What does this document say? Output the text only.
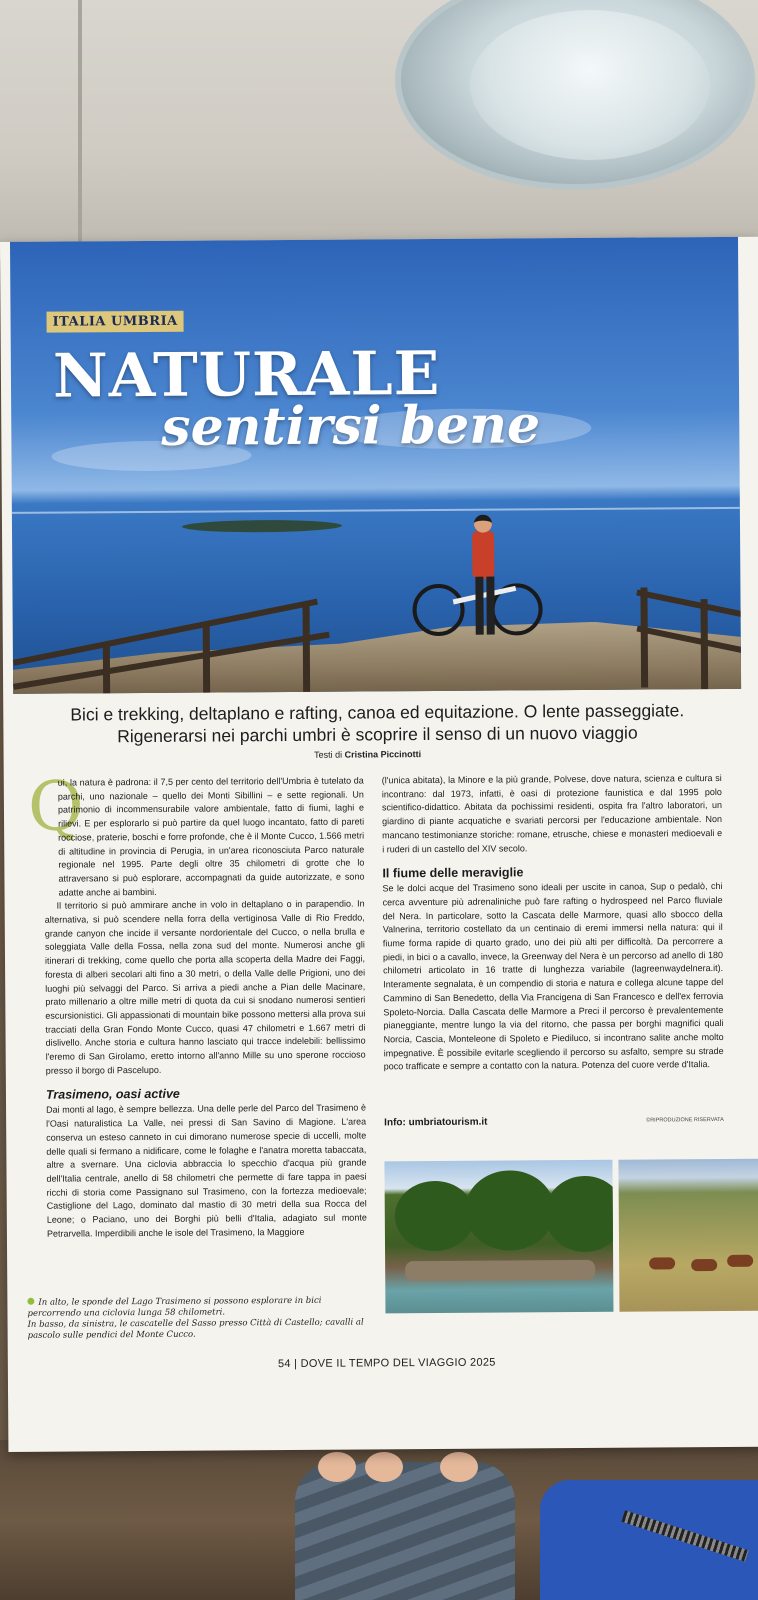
ITALIA UMBRIA
NATURALE
sentirsi bene
Bici e trekking, deltaplano e rafting, canoa ed equitazione. O lente passeggiate.
Rigenerarsi nei parchi umbri è scoprire il senso di un nuovo viaggio
Testi di Cristina Piccinotti
Q

ui, la natura è padrona: il 7,5 per cento del territorio dell'Umbria è tutelato da parchi, uno nazionale – quello dei Monti Sibillini – e sette regionali. Un patrimonio di incommensurabile valore ambientale, fatto di fiumi, laghi e rilievi. E per esplorarlo si può partire da quel luogo incantato, fatto di pareti rocciose, praterie, boschi e forre profonde, che è il Monte Cucco, 1.566 metri di altitudine in provincia di Perugia, in un'area riconosciuta Parco naturale regionale nel 1995. Parte degli oltre 35 chilometri di grotte che lo attraversano si può esplorare, accompagnati da guide autorizzate, e sono adatte anche ai bambini.

Il territorio si può ammirare anche in volo in deltaplano o in parapendio. In alternativa, si può scendere nella forra della vertiginosa Valle di Rio Freddo, grande canyon che incide il versante nordorientale del Cucco, o nella brulla e soleggiata Valle della Fossa, nella zona sud del monte. Numerosi anche gli itinerari di trekking, come quello che porta alla scoperta della Madre dei Faggi, foresta di alberi secolari alti fino a 30 metri, o della Valle delle Prigioni, uno dei luoghi più selvaggi del Parco. Si arriva a piedi anche a Pian delle Macinare, prato millenario a oltre mille metri di quota da cui si snodano numerosi sentieri escursionistici. Gli appassionati di mountain bike possono mettersi alla prova sui tracciati della Gran Fondo Monte Cucco, quasi 47 chilometri e 1.667 metri di dislivello. Anche storia e cultura hanno lasciato qui tracce indelebili: bellissimo l'eremo di San Girolamo, eretto intorno all'anno Mille su uno sperone roccioso presso il borgo di Pascelupo.

Trasimeno, oasi active

Dai monti al lago, è sempre bellezza. Una delle perle del Parco del Trasimeno è l'Oasi naturalistica La Valle, nei pressi di San Savino di Magione. L'area conserva un esteso canneto in cui dimorano numerose specie di uccelli, molte delle quali si fermano a nidificare, come le folaghe e l'anatra moretta tabaccata, altre a svernare. Una ciclovia abbraccia lo specchio d'acqua più grande dell'Italia centrale, anello di 58 chilometri che permette di fare tappa in paesi ricchi di storia come Passignano sul Trasimeno, con la fortezza medioevale; Castiglione del Lago, dominato dal mastio di 30 metri della sua Rocca del Leone; o Paciano, uno dei Borghi più belli d'Italia, adagiato sul monte Petrarvella. Imperdibili anche le isole del Trasimeno, la Maggiore

(l'unica abitata), la Minore e la più grande, Polvese, dove natura, scienza e cultura si incontrano: dal 1973, infatti, è oasi di protezione faunistica e dal 1995 polo scientifico-didattico. Abitata da pochissimi residenti, ospita fra l'altro laboratori, un giardino di piante acquatiche e svariati percorsi per l'educazione ambientale. Non mancano testimonianze storiche: romane, etrusche, chiese e monasteri medioevali e i ruderi di un castello del XIV secolo.

Il fiume delle meraviglie

Se le dolci acque del Trasimeno sono ideali per uscite in canoa, Sup o pedalò, chi cerca avventure più adrenaliniche può fare rafting o hydrospeed nel Parco fluviale del Nera. In particolare, sotto la Cascata delle Marmore, quasi allo sbocco della Valnerina, territorio costellato da un centinaio di eremi immersi nella natura: qui il fiume forma rapide di quarto grado, uno dei più alti per difficoltà. Da percorrere a piedi, in bici o a cavallo, invece, la Greenway del Nera è un percorso ad anello di 180 chilometri articolato in 16 tratte di lunghezza variabile (lagreenwaydelnera.it). Interamente segnalata, è un compendio di storia e natura e collega alcune tappe del Cammino di San Benedetto, della Via Francigena di San Francesco e dell'ex ferrovia Spoleto-Norcia. Dalla Cascata delle Marmore a Preci il percorso è prevalentemente pianeggiante, mentre lungo la via del ritorno, che passa per borghi magnifici quali Norcia, Cascia, Monteleone di Spoleto e Piediluco, si incontrano salite anche molto impegnative. È possibile evitarle scegliendo il percorso su asfalto, sempre su strade poco trafficate e sempre a contatto con la natura. Potenza del cuore verde d'Italia.

Info: umbriatourism.it	©RIPRODUZIONE RISERVATA
In alto, le sponde del Lago Trasimeno si possono esplorare in bici percorrendo una ciclovia lunga 58 chilometri.
In basso, da sinistra, le cascatelle del Sasso presso Città di Castello; cavalli al pascolo sulle pendici del Monte Cucco.
54 | DOVE IL TEMPO DEL VIAGGIO 2025
